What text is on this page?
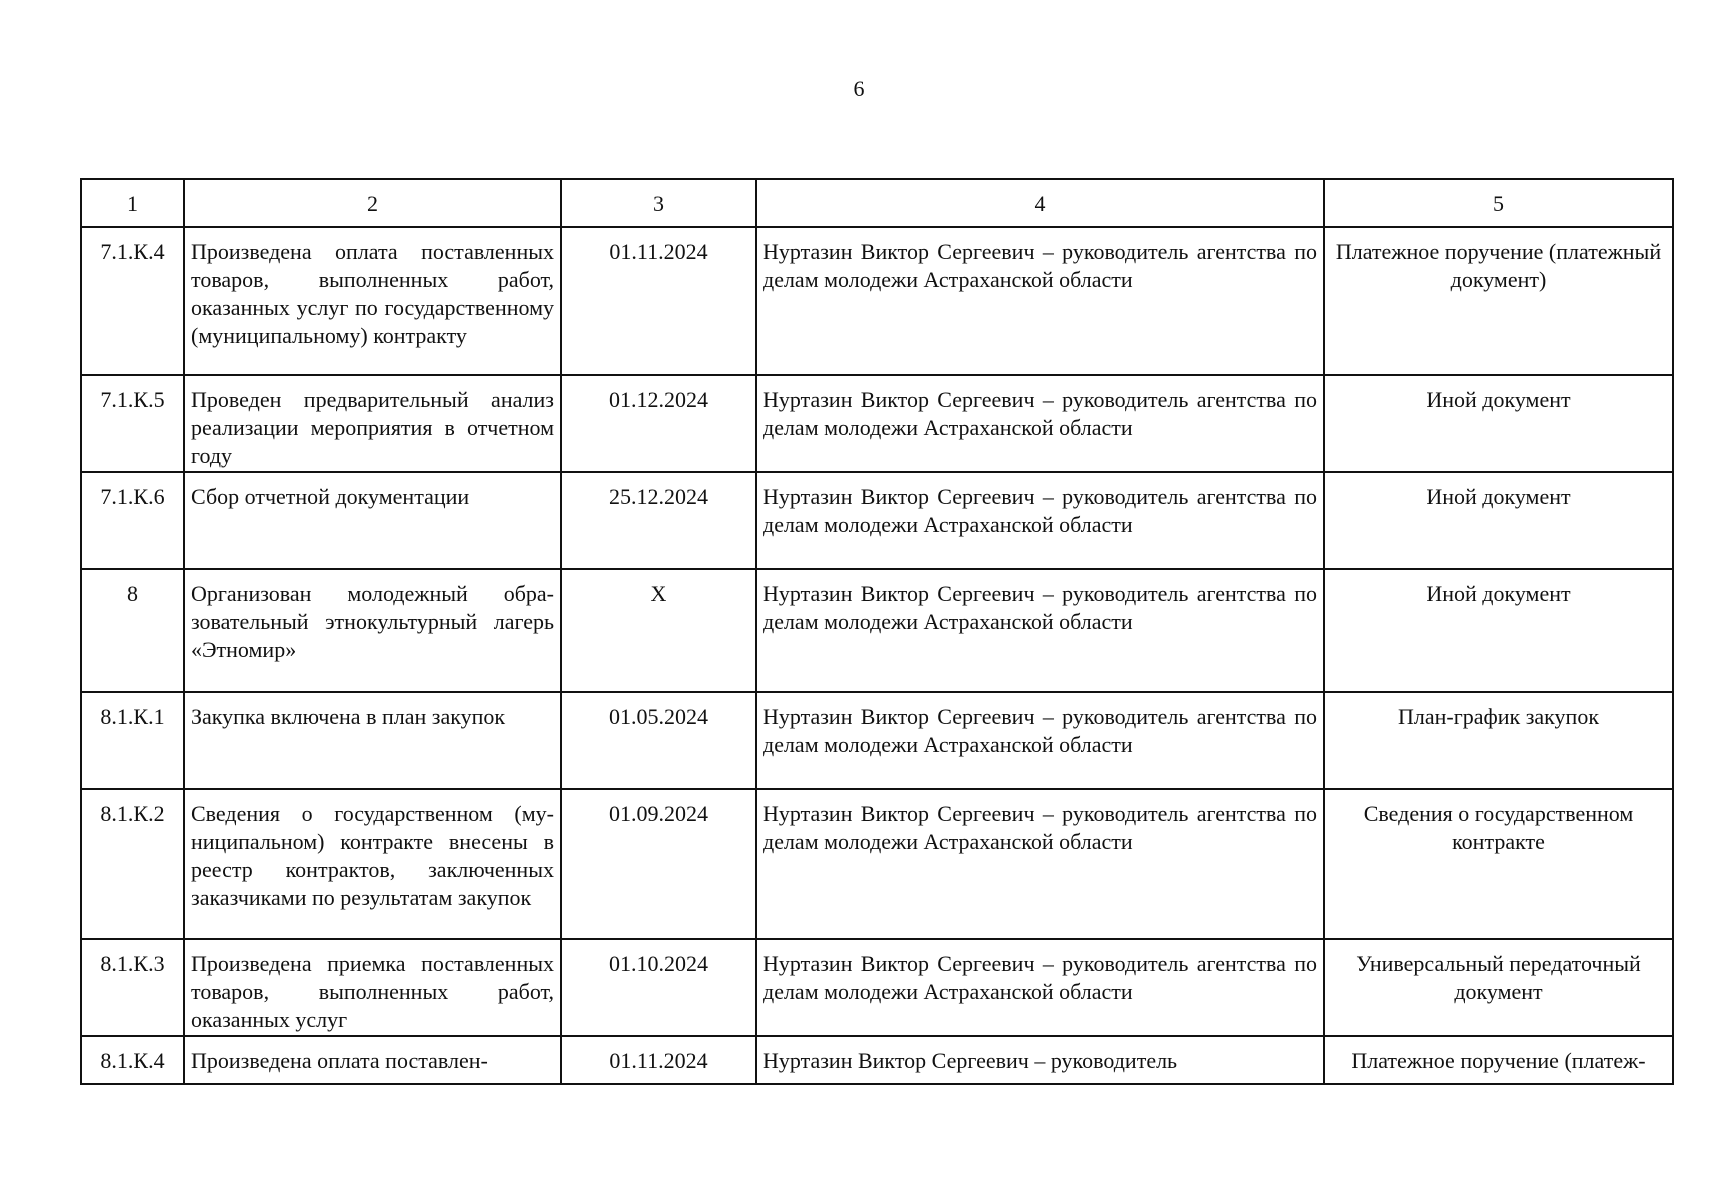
6
1	2	3	4	5
7.1.К.4	Произведена оплата поставленных товаров, выполненных работ, оказанных услуг по государственному (муниципальному) контракту	01.11.2024	Нуртазин Виктор Сергеевич – руководитель агентства по делам молодежи Астраханской области	Платежное поручение (платежный документ)
7.1.К.5	Проведен предварительный анализ реализации мероприятия в отчетном году	01.12.2024	Нуртазин Виктор Сергеевич – руководитель агентства по делам молодежи Астраханской области	Иной документ
7.1.К.6	Сбор отчетной документации	25.12.2024	Нуртазин Виктор Сергеевич – руководитель агентства по делам молодежи Астраханской области	Иной документ
8	Организован молодежный образовательный этнокультурный лагерь «Этномир»	X	Нуртазин Виктор Сергеевич – руководитель агентства по делам молодежи Астраханской области	Иной документ
8.1.К.1	Закупка включена в план закупок	01.05.2024	Нуртазин Виктор Сергеевич – руководитель агентства по делам молодежи Астраханской области	План-график закупок
8.1.К.2	Сведения о государственном (муниципальном) контракте внесены в реестр контрактов, заключенных заказчиками по результатам закупок	01.09.2024	Нуртазин Виктор Сергеевич – руководитель агентства по делам молодежи Астраханской области	Сведения о государственном контракте
8.1.К.3	Произведена приемка поставленных товаров, выполненных работ, оказанных услуг	01.10.2024	Нуртазин Виктор Сергеевич – руководитель агентства по делам молодежи Астраханской области	Универсальный передаточный документ
8.1.К.4	Произведена оплата поставлен-	01.11.2024	Нуртазин Виктор Сергеевич – руководитель	Платежное поручение (платеж-
